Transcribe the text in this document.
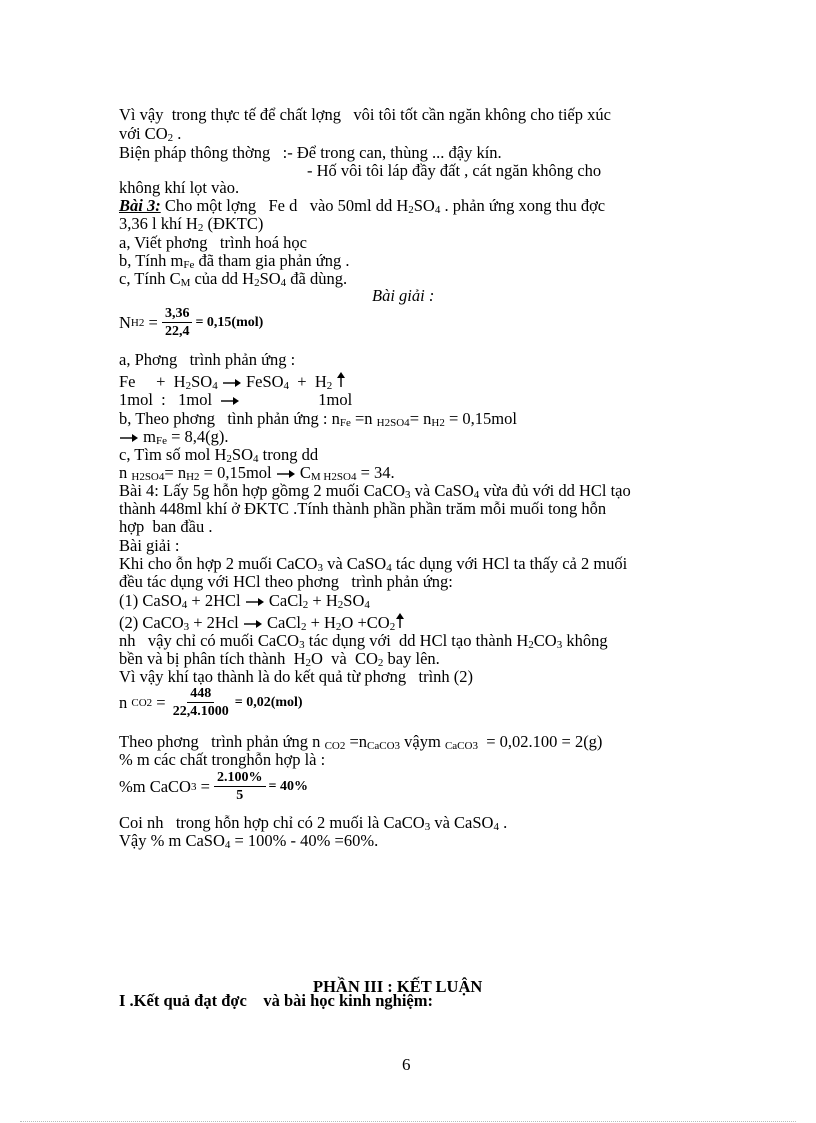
Vì vậy  trong thực tế để chất lợng   vôi tôi tốt cần ngăn không cho tiếp xúc
với $CO_2$ .
Biện pháp thông thờng   :- Để trong can, thùng ... đậy kín.
- Hố vôi tôi láp đầy đất , cát ngăn không cho
không khí lọt vào.
Bài 3: Cho một lợng   Fe d   vào 50ml dd $H_2SO_4$ . phản ứng xong thu đợc
3,36 l khí $H_2$ (ĐKTC)
a, Viết phơng   trình hoá học
b, Tính $m_{Fe}$ đã tham gia phản ứng .
c, Tính $C_M$ của dd $H_2SO_4$ đã dùng.
Bài giải :
N $H2 = \frac{3,36}{22,4} = 0,15(mol)$
a, Phơng   trình phản ứng :
Fe     +  $H_2SO_4$ FeSO$_4$  +  $H_2$
1mol  :   1mol	1mol
b, Theo phơng   tình phản ứng : $n_{Fe} =n$ $_{H2SO4}= n_{H2} = 0,15mol$
$m_{Fe} = 8,4(g)$.
c, Tìm số mol $H_2SO_4$ trong dd
n $_{H2SO4}= n_{H2} = 0,15mol$  $C_{M H2SO4} = 34$.
Bài 4: Lấy 5g hỗn hợp gồmg 2 muối CaCO$_3$ và CaSO$_4$ vừa đủ với dd HCl tạo
thành 448ml khí ở ĐKTC .Tính thành phần phần trăm mỗi muối tong hỗn
hợp  ban đầu .
Bài giải :
Khi cho ỗn hợp 2 muối CaCO$_3$ và CaSO$_4$ tác dụng với HCl ta thấy cả 2 muối
đều tác dụng với HCl theo phơng   trình phản ứng:
(1) CaSO$_4$ + 2HCl  CaCl$_2$ + $H_2SO_4$
(2) CaCO$_3$ + 2Hcl  CaCl$_2$ + $H_2O +CO_2$
nh   vậy chỉ có muối CaCO$_3$ tác dụng với  dd HCl tạo thành $H_2CO_3$ không
bền và bị phân tích thành  $H_2O$  và  $CO_2$ bay lên.
Vì vậy khí tạo thành là do kết quả từ phơng   trình (2)
n $CO2 = \frac{448}{22,4.1000} = 0,02(mol)$
Theo phơng   trình phản ứng n $_{CO2} =n_{CaCO3}$ vậym $_{CaCO3}$  = 0,02.100 = 2(g)
% m các chất tronghỗn hợp là :
%m CaCO $3 = \frac{2.100\%}{5} = 40\%$
Coi nh   trong hỗn hợp chỉ có 2 muối là CaCO$_3$ và CaSO$_4$ .
Vậy % m CaSO$_4$ = 100% - 40% =60%.
PHẦN III : KẾT LUẬN
I .Kết quả đạt đợc    và bài học kinh nghiệm:
6
